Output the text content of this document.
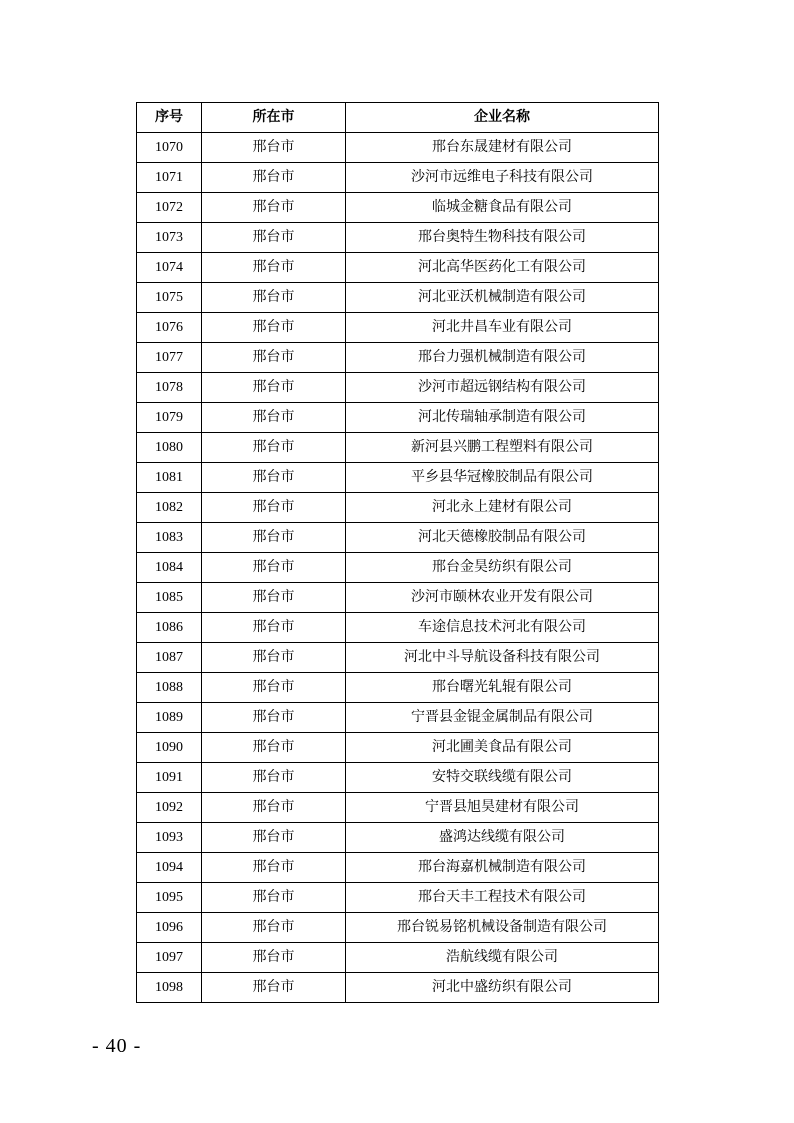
序号	所在市	企业名称
1070	邢台市	邢台东晟建材有限公司
1071	邢台市	沙河市远维电子科技有限公司
1072	邢台市	临城金糖食品有限公司
1073	邢台市	邢台奥特生物科技有限公司
1074	邢台市	河北高华医药化工有限公司
1075	邢台市	河北亚沃机械制造有限公司
1076	邢台市	河北井昌车业有限公司
1077	邢台市	邢台力强机械制造有限公司
1078	邢台市	沙河市超远钢结构有限公司
1079	邢台市	河北传瑞轴承制造有限公司
1080	邢台市	新河县兴鹏工程塑料有限公司
1081	邢台市	平乡县华冠橡胶制品有限公司
1082	邢台市	河北永上建材有限公司
1083	邢台市	河北天德橡胶制品有限公司
1084	邢台市	邢台金昊纺织有限公司
1085	邢台市	沙河市颐林农业开发有限公司
1086	邢台市	车途信息技术河北有限公司
1087	邢台市	河北中斗导航设备科技有限公司
1088	邢台市	邢台曙光轧辊有限公司
1089	邢台市	宁晋县金锟金属制品有限公司
1090	邢台市	河北圃美食品有限公司
1091	邢台市	安特交联线缆有限公司
1092	邢台市	宁晋县旭昊建材有限公司
1093	邢台市	盛鸿达线缆有限公司
1094	邢台市	邢台海嘉机械制造有限公司
1095	邢台市	邢台天丰工程技术有限公司
1096	邢台市	邢台锐易铭机械设备制造有限公司
1097	邢台市	浩航线缆有限公司
1098	邢台市	河北中盛纺织有限公司
- 40 -
